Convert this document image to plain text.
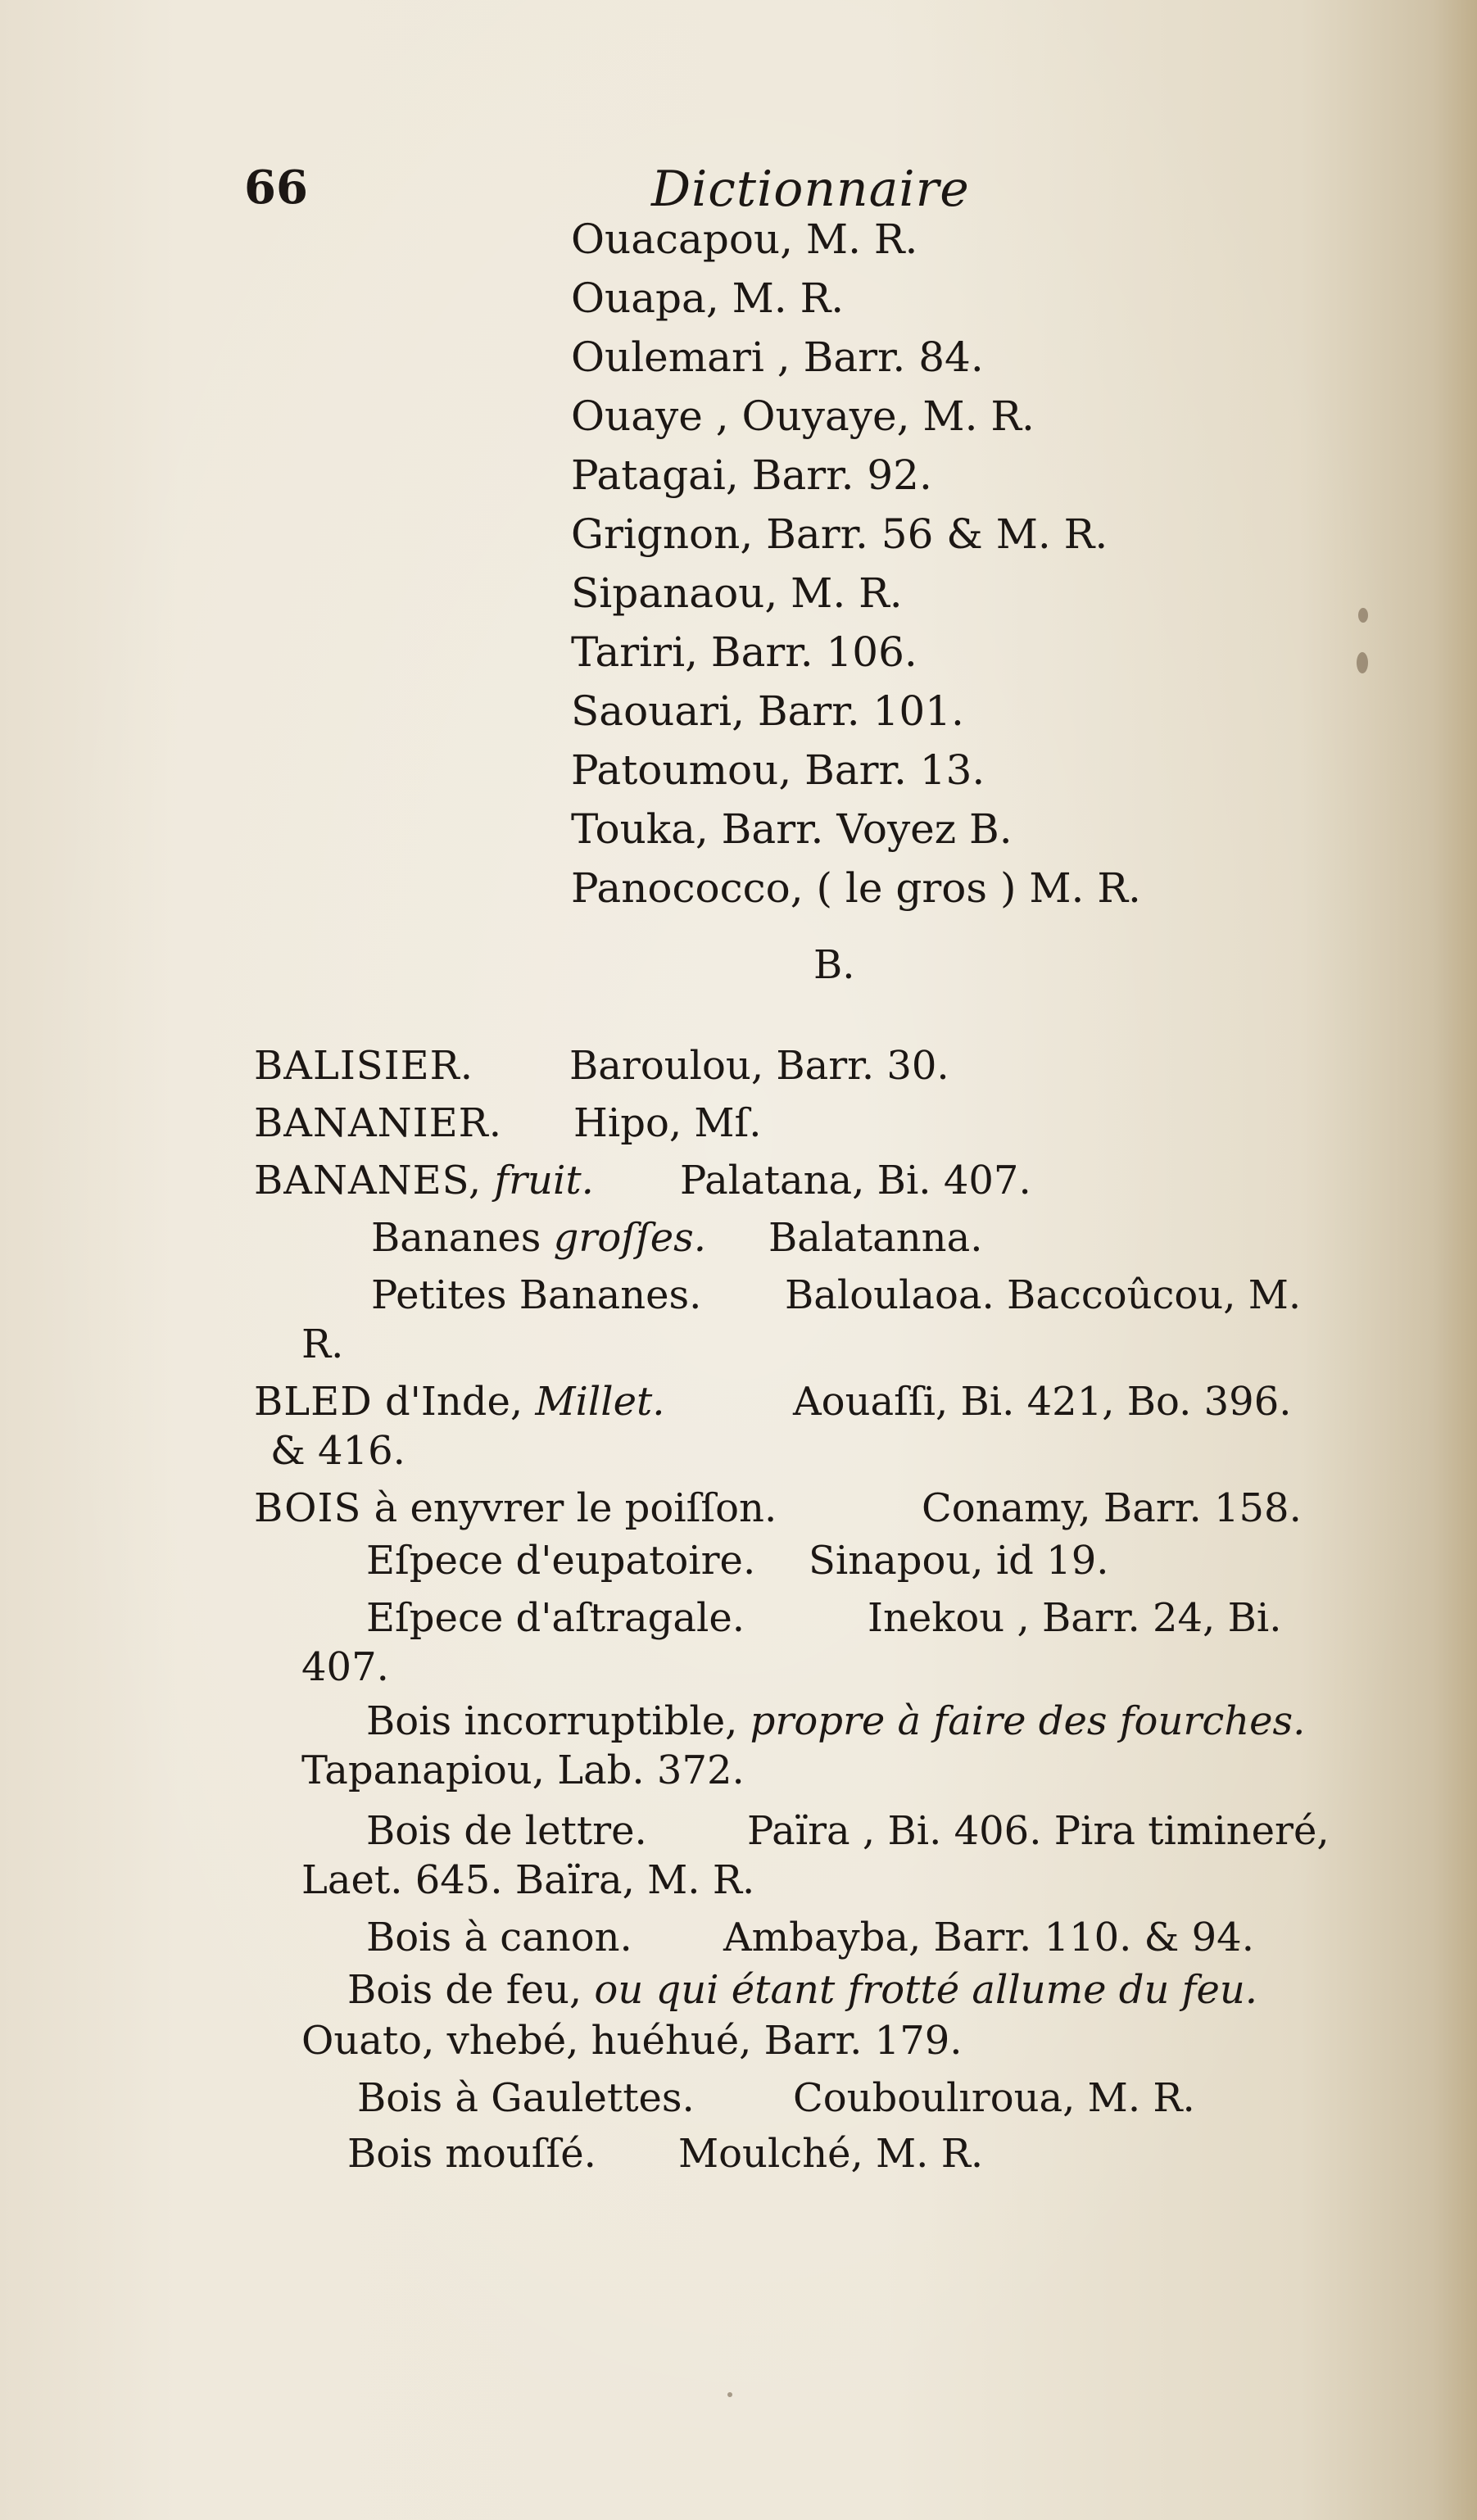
66	Dictionnaire
Ouacapou, M. R.
Ouapa, M. R.
Oulemari , Barr. 84.
Ouaye , Ouyaye, M. R.
Patagai, Barr. 92.
Grignon, Barr. 56 & M. R.
Sipanaou, M. R.
Tariri, Barr. 106.
Saouari, Barr. 101.
Patoumou, Barr. 13.
Touka, Barr. Voyez B.
Panococco, ( le gros ) M. R.
B.
BALISIER. Baroulou, Barr. 30.
BANANIER. Hipo, Mſ.
BANANES, fruit. Palatana, Bi. 407.
Bananes groſſes. Balatanna.
Petites Bananes. Baloulaoa. Baccoûcou, M.
R.
BLED d'Inde, Millet.	Aouaſſi, Bi. 421, Bo. 396.
& 416.
BOIS à enyvrer le poiſſon.	Conamy, Barr. 158.
Eſpece d'eupatoire. Sinapou, id 19.
Eſpece d'aſtragale.	Inekou , Barr. 24, Bi.
407.
Bois incorruptible, propre à faire des fourches.
Tapanapiou, Lab. 372.
Bois de lettre.	Païra , Bi. 406. Pira timineré,
Laet. 645. Baïra, M. R.
Bois à canon. Ambayba, Barr. 110. & 94.
Bois de feu, ou qui étant frotté allume du feu.
Ouato, vhebé, huéhué, Barr. 179.
Bois à Gaulettes.	Couboulıroua, M. R.
Bois mouſſé. Moulché, M. R.
